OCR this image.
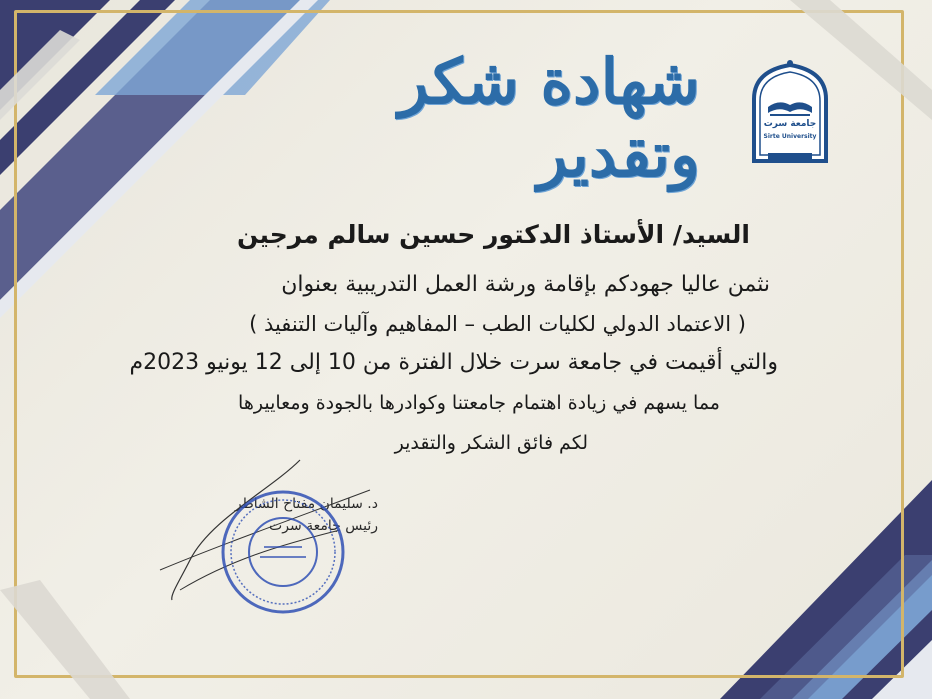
شهادة شكر وتقدير	جامعة سرت
Sirte University
السيد/ الأستاذ الدكتور حسين سالم مرجين
نثمن عاليا جهودكم بإقامة ورشة العمل التدريبية بعنوان
( الاعتماد الدولي لكليات الطب – المفاهيم وآليات التنفيذ )
والتي أقيمت في جامعة سرت خلال الفترة من 10 إلى 12 يونيو 2023م
مما يسهم في زيادة اهتمام جامعتنا وكوادرها بالجودة ومعاييرها
لكم فائق الشكر والتقدير
د. سليمان مفتاح الشاطر
رئيس جامعة سرت
